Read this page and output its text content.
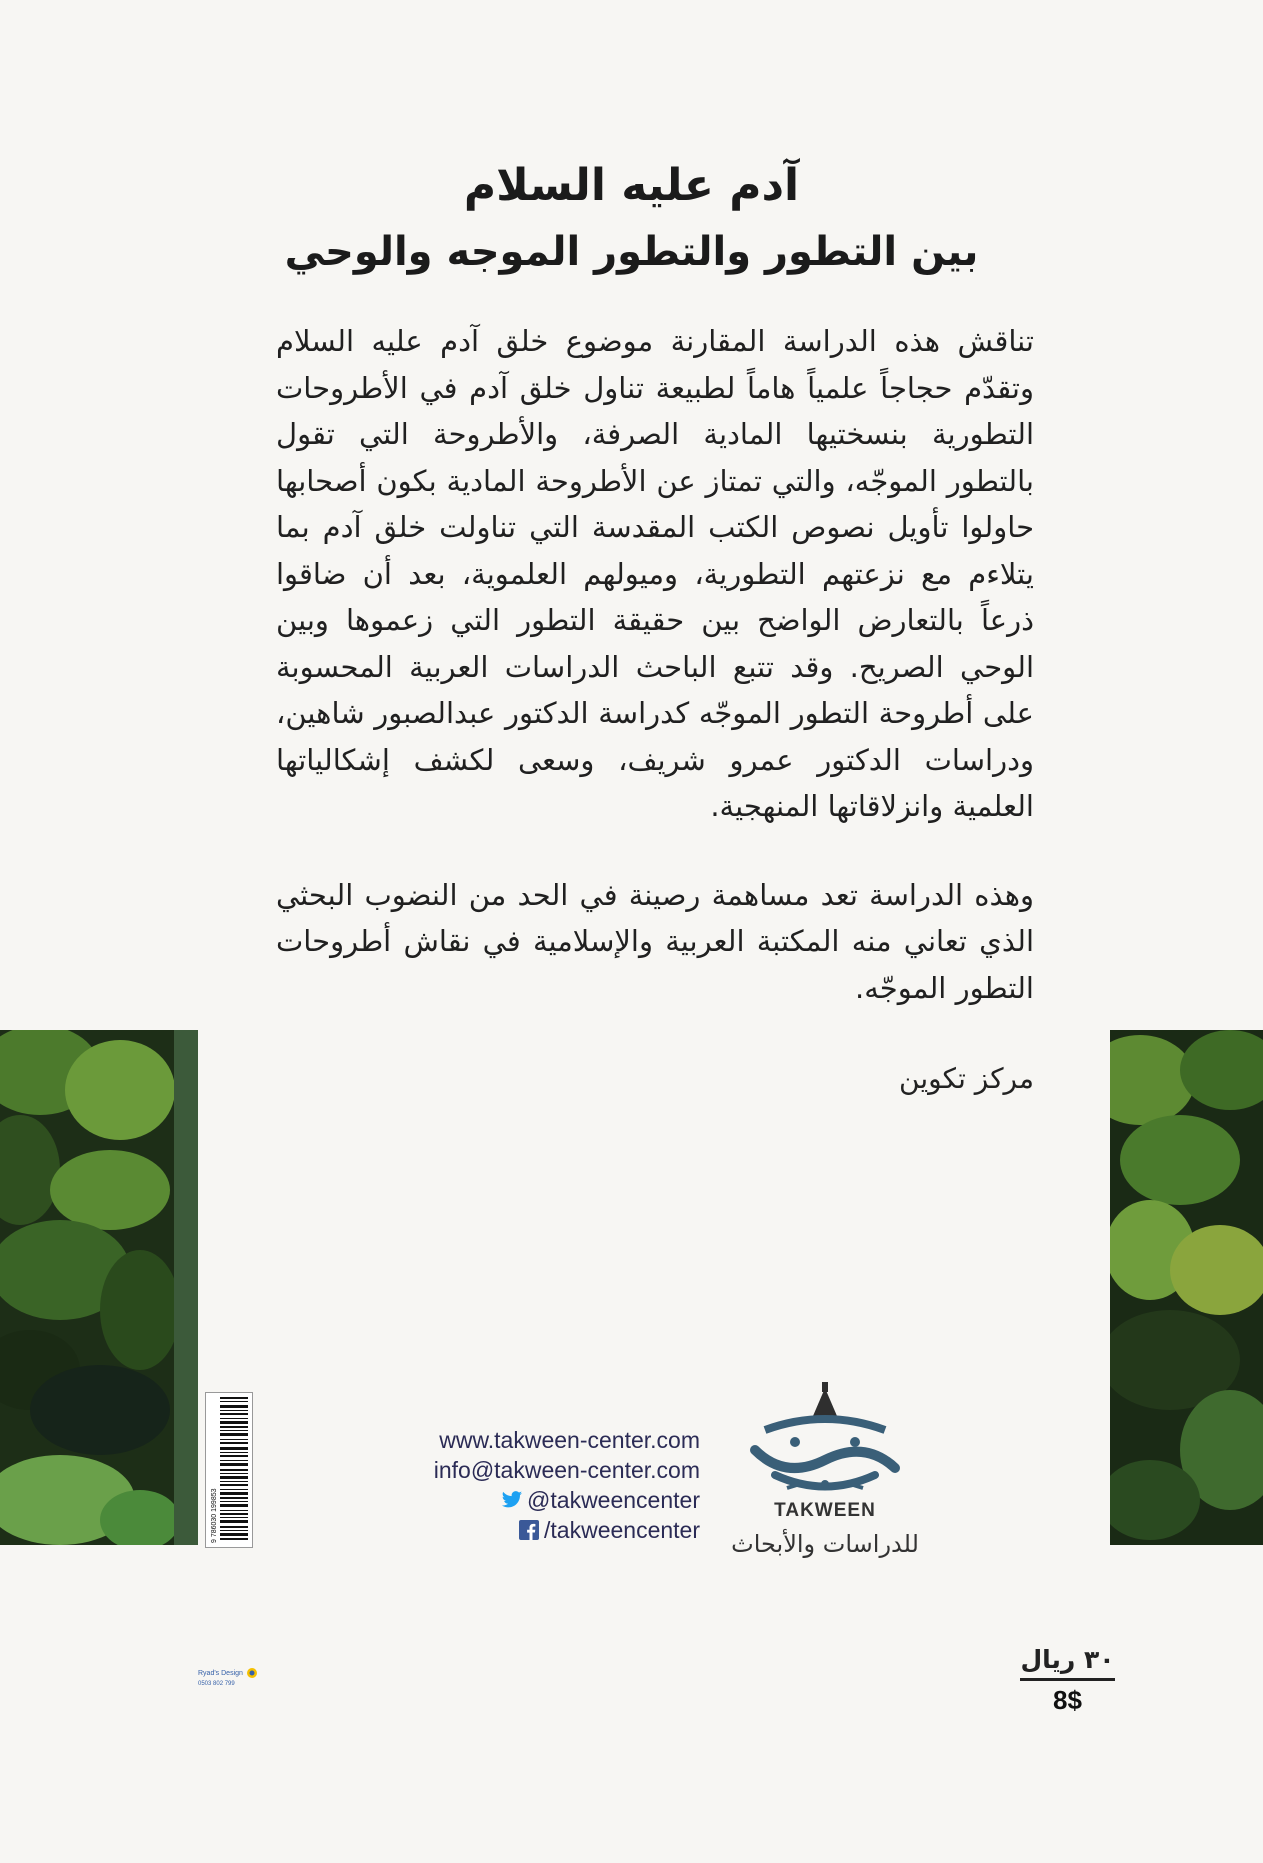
آدم عليه السلام
بين التطور والتطور الموجه والوحي

تناقش هذه الدراسة المقارنة موضوع خلق آدم عليه السلام وتقدّم حجاجاً علمياً هاماً لطبيعة تناول خلق آدم في الأطروحات التطورية بنسختيها المادية الصرفة، والأطروحة التي تقول بالتطور الموجّه، والتي تمتاز عن الأطروحة المادية بكون أصحابها حاولوا تأويل نصوص الكتب المقدسة التي تناولت خلق آدم بما يتلاءم مع نزعتهم التطورية، وميولهم العلموية، بعد أن ضاقوا ذرعاً بالتعارض الواضح بين حقيقة التطور التي زعموها وبين الوحي الصريح. وقد تتبع الباحث الدراسات العربية المحسوبة على أطروحة التطور الموجّه كدراسة الدكتور عبدالصبور شاهين، ودراسات الدكتور عمرو شريف، وسعى لكشف إشكالياتها العلمية وانزلاقاتها المنهجية.

وهذه الدراسة تعد مساهمة رصينة في الحد من النضوب البحثي الذي تعاني منه المكتبة العربية والإسلامية في نقاش أطروحات التطور الموجّه.

مركز تكوين
9 786030 199853
www.takween-center.com
info@takween-center.com
@takweencenter
/takweencenter
TAKWEEN
للدراسات والأبحاث
Ryad's Design
0503 802 799
٣٠ ريال
8$
